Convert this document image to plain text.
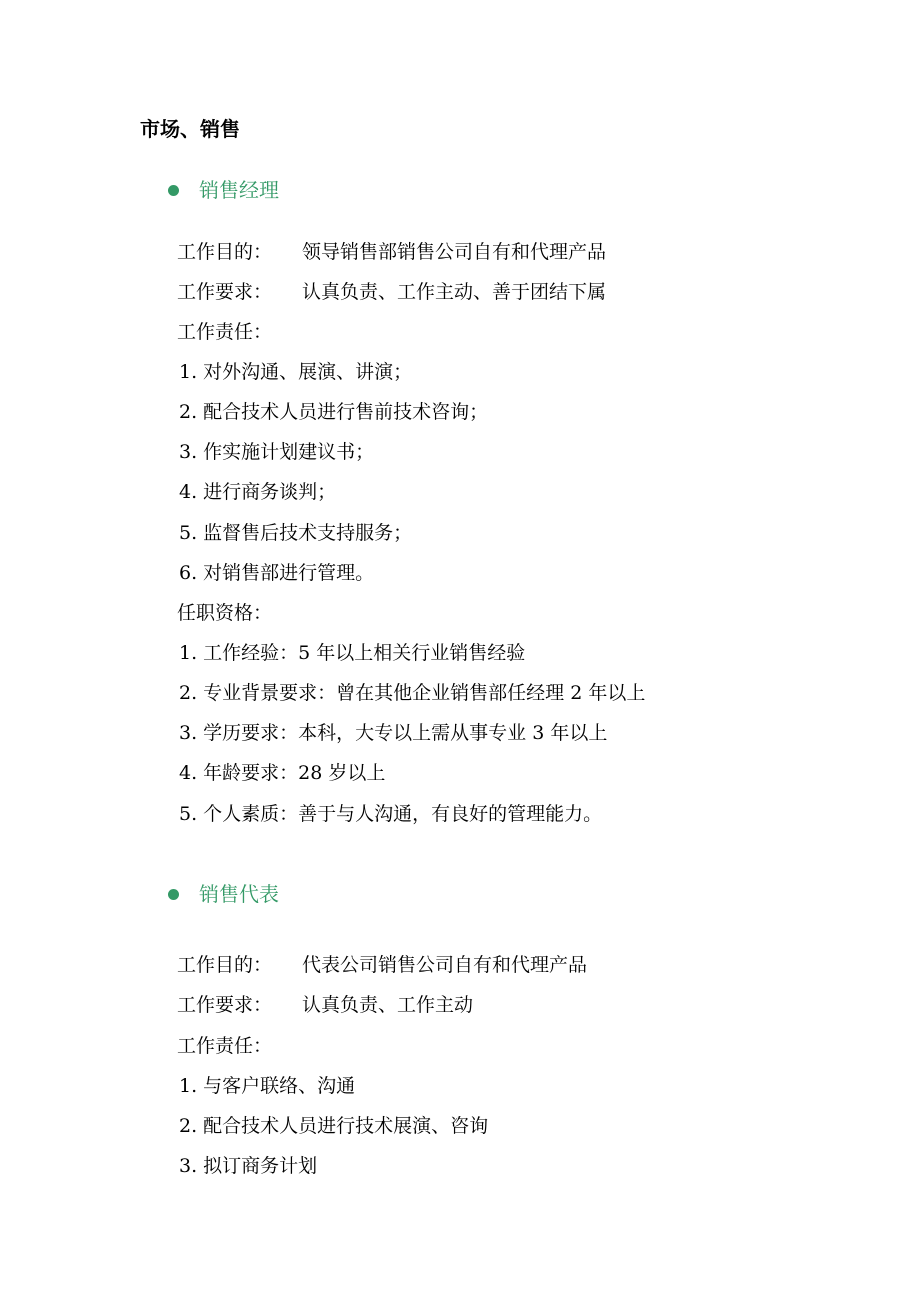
市场、销售
销售经理
工作目的： 领导销售部销售公司自有和代理产品
工作要求： 认真负责、工作主动、善于团结下属
工作责任：
1. 对外沟通、展演、讲演；
2. 配合技术人员进行售前技术咨询；
3. 作实施计划建议书；
4. 进行商务谈判；
5. 监督售后技术支持服务；
6. 对销售部进行管理。
任职资格：
1. 工作经验：5 年以上相关行业销售经验
2. 专业背景要求：曾在其他企业销售部任经理 2 年以上
3. 学历要求：本科，大专以上需从事专业 3 年以上
4. 年龄要求：28 岁以上
5. 个人素质：善于与人沟通，有良好的管理能力。
销售代表
工作目的： 代表公司销售公司自有和代理产品
工作要求： 认真负责、工作主动
工作责任：
1. 与客户联络、沟通
2. 配合技术人员进行技术展演、咨询
3. 拟订商务计划
